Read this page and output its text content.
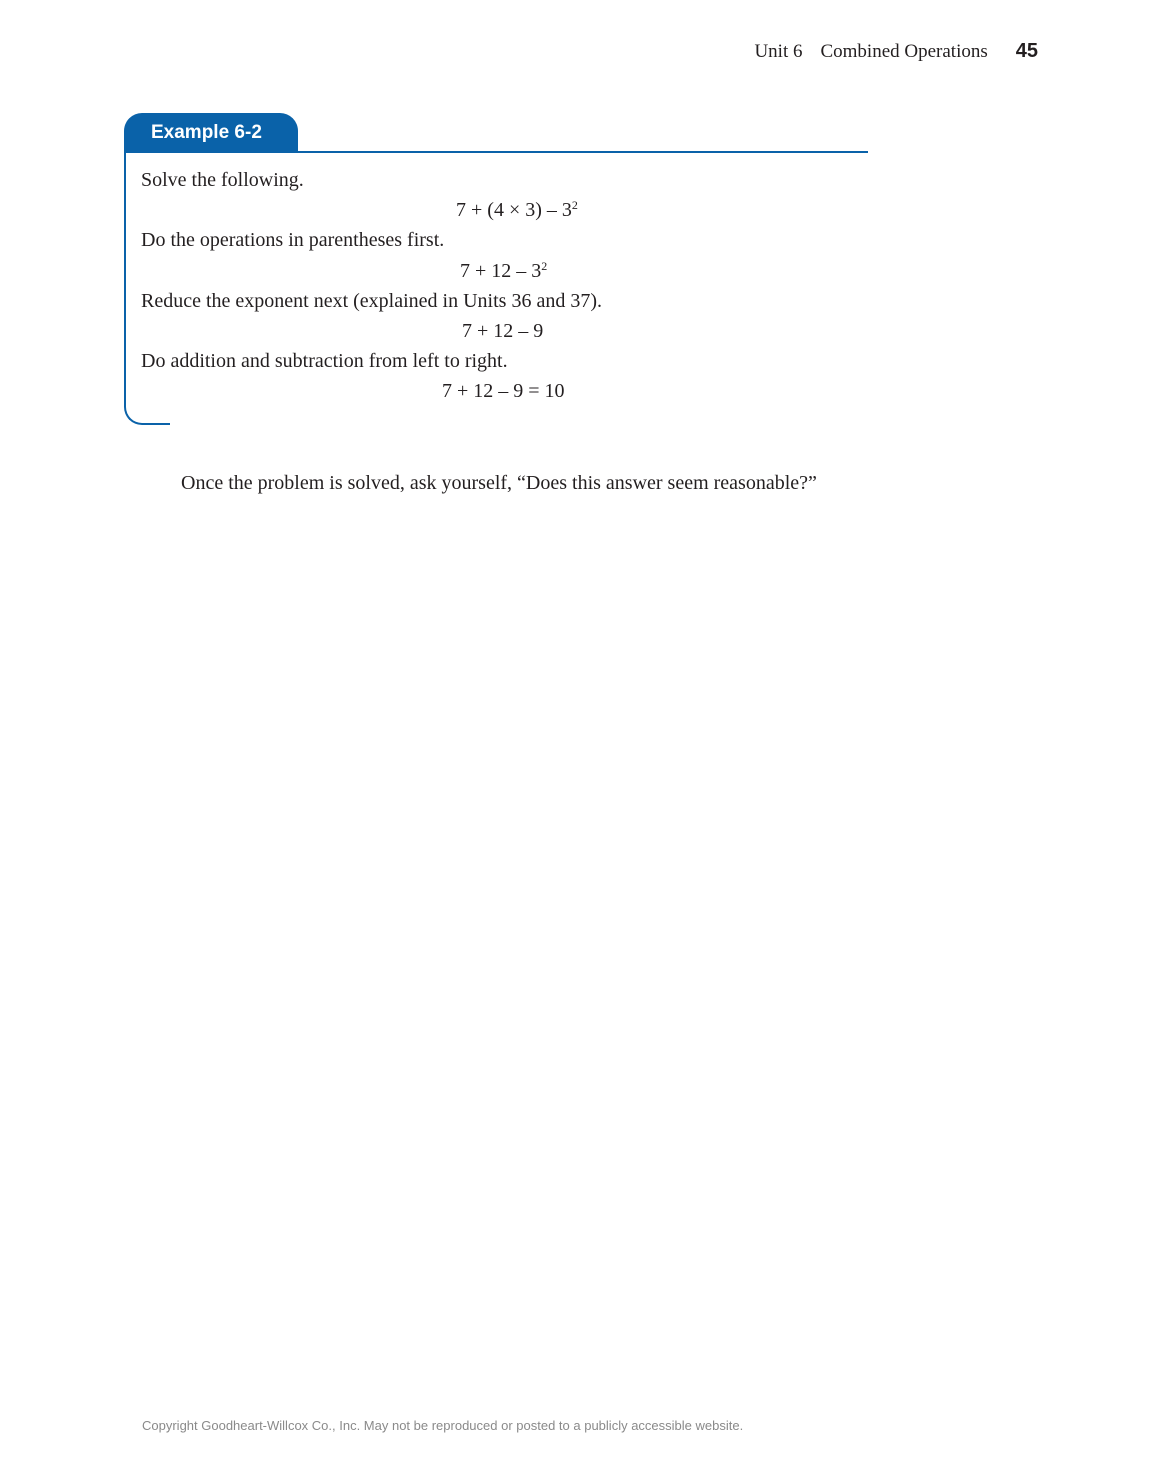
Unit 6 Combined Operations 45
Example 6-2
Solve the following.
$7 + (4 \times 3) - 3^2$
Do the operations in parentheses first.
$7 + 12 - 3^2$
Reduce the exponent next (explained in Units 36 and 37).
7 + 12 – 9
Do addition and subtraction from left to right.
7 + 12 – 9 = 10
Once the problem is solved, ask yourself, “Does this answer seem reasonable?”
Copyright Goodheart-Willcox Co., Inc. May not be reproduced or posted to a publicly accessible website.
